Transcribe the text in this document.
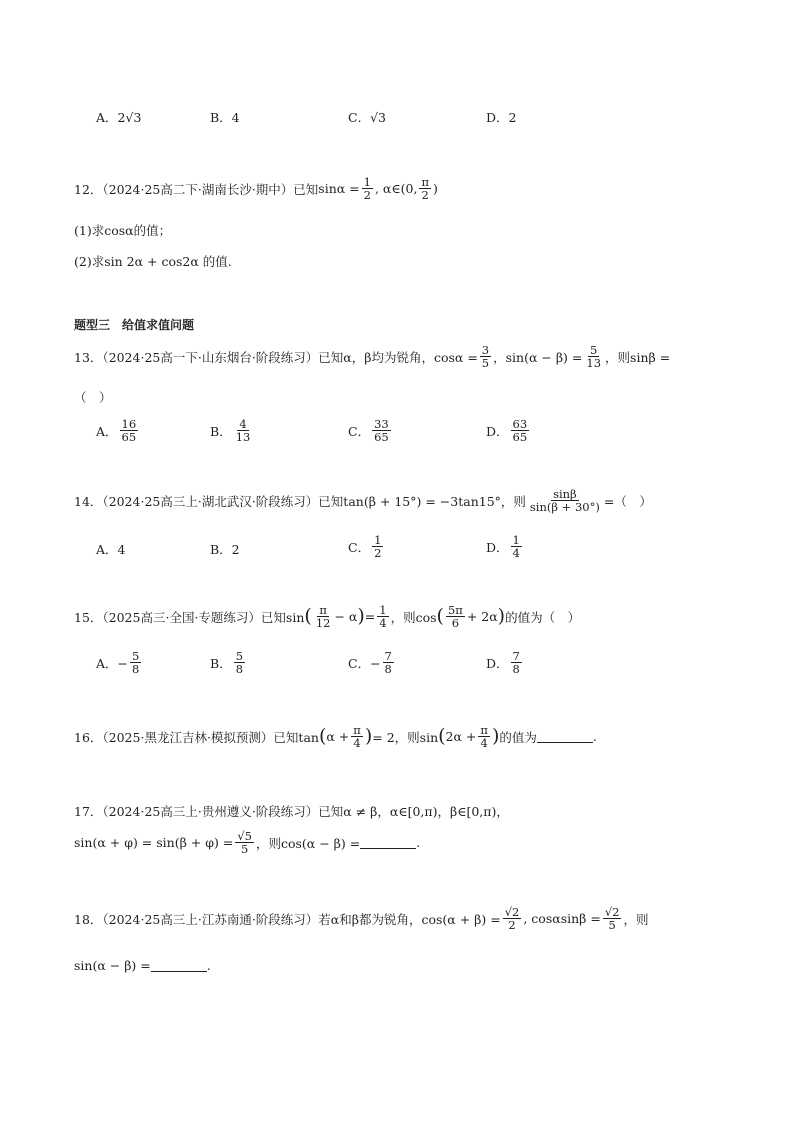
A． 2√3	B．4	C． √3	D．2
12．（2024·25高二下·湖南长沙·期中）已知 $\sin\alpha = \frac{1}{2}$ , α∈(0, $\frac{\pi}{2}$ )
(1)求cosα的值；
(2)求sin 2α + cos2α 的值.
题型三　给值求值问题
13．（2024·25高一下·山东烟台·阶段练习）已知α，β均为锐角，$\cos\alpha = \frac{3}{5}$ ，$\sin(\alpha - \beta) = \frac{5}{13}$ ，则sinβ =
（　）
A． $\frac{16}{65}$	B． $\frac{4}{13}$	C． $\frac{33}{65}$	D． $\frac{63}{65}$
14．（2024·25高三上·湖北武汉·阶段练习）已知tan(β + 15°) = −3tan15°，则 $\frac{\sin\beta}{\sin(\beta + 30^\circ)}$ =（　）
A．4	B．2	C． $\frac{1}{2}$	D． $\frac{1}{4}$
15．（2025高三·全国·专题练习）已知sin ( $\frac{\pi}{12} - \alpha$ ) = $\frac{1}{4}$ ，则cos ( $\frac{5\pi}{6} + 2\alpha$ ) 的值为（　）
A．− $\frac{5}{8}$	B． $\frac{5}{8}$	C．− $\frac{7}{8}$	D． $\frac{7}{8}$
16．（2025·黑龙江吉林·模拟预测）已知tan ( $\alpha + \frac{\pi}{4}$ ) = 2，则sin ( $2\alpha + \frac{\pi}{4}$ ) 的值为	.
17．（2024·25高三上·贵州遵义·阶段练习）已知α ≠ β，α∈[0,π)，β∈[0,π)，
$\sin(\alpha + \varphi) = \sin(\beta + \varphi) = \frac{√5}{5}$ ，则cos(α − β) =	.
18．（2024·25高三上·江苏南通·阶段练习）若α和β都为锐角，$\cos(\alpha + \beta) = \frac{√2}{2}$ , $\cos\alpha\sin\beta = \frac{√2}{5}$ ，则
sin(α − β) =	.
